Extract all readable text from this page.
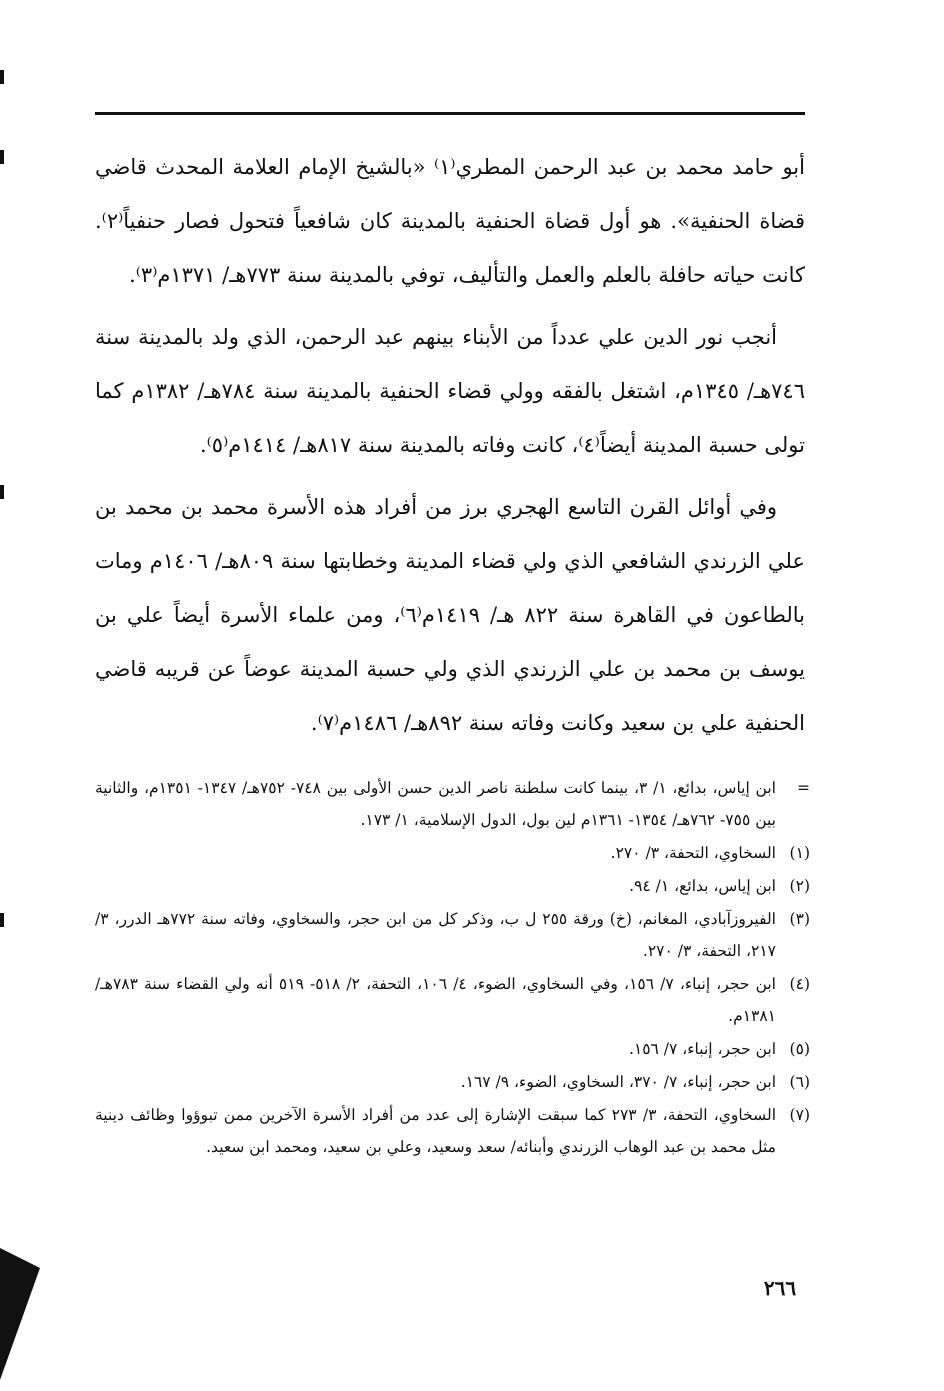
أبو حامد محمد بن عبد الرحمن المطري⁽١⁾ «بالشيخ الإمام العلامة المحدث قاضي قضاة الحنفية». هو أول قضاة الحنفية بالمدينة كان شافعياً فتحول فصار حنفياً⁽٢⁾. كانت حياته حافلة بالعلم والعمل والتأليف، توفي بالمدينة سنة ٧٧٣هـ/ ١٣٧١م⁽٣⁾.

أنجب نور الدين علي عدداً من الأبناء بينهم عبد الرحمن، الذي ولد بالمدينة سنة ٧٤٦هـ/ ١٣٤٥م، اشتغل بالفقه وولي قضاء الحنفية بالمدينة سنة ٧٨٤هـ/ ١٣٨٢م كما تولى حسبة المدينة أيضاً⁽٤⁾، كانت وفاته بالمدينة سنة ٨١٧هـ/ ١٤١٤م⁽٥⁾.

وفي أوائل القرن التاسع الهجري برز من أفراد هذه الأسرة محمد بن محمد بن علي الزرندي الشافعي الذي ولي قضاء المدينة وخطابتها سنة ٨٠٩هـ/ ١٤٠٦م ومات بالطاعون في القاهرة سنة ٨٢٢ هـ/ ١٤١٩م⁽٦⁾، ومن علماء الأسرة أيضاً علي بن يوسف بن محمد بن علي الزرندي الذي ولي حسبة المدينة عوضاً عن قريبه قاضي الحنفية علي بن سعيد وكانت وفاته سنة ٨٩٢هـ/ ١٤٨٦م⁽٧⁾.

=
ابن إياس، بدائع، ١/ ٣، بينما كانت سلطنة ناصر الدين حسن الأولى بين ٧٤٨- ٧٥٢هـ/ ١٣٤٧- ١٣٥١م، والثانية بين ٧٥٥- ٧٦٢هـ/ ١٣٥٤- ١٣٦١م لين بول، الدول الإسلامية، ١/ ١٧٣.
(١)
السخاوي، التحفة، ٣/ ٢٧٠.
(٢)
ابن إياس، بدائع، ١/ ٩٤.
(٣)
الفيروزآبادي، المغانم، (خ) ورقة ٢٥٥ ل ب، وذكر كل من ابن حجر، والسخاوي، وفاته سنة ٧٧٢هـ الدرر، ٣/ ٢١٧، التحفة، ٣/ ٢٧٠.
(٤)
ابن حجر، إنباء، ٧/ ١٥٦، وفي السخاوي، الضوء، ٤/ ١٠٦، التحفة، ٢/ ٥١٨- ٥١٩ أنه ولي القضاء سنة ٧٨٣هـ/ ١٣٨١م.
(٥)
ابن حجر، إنباء، ٧/ ١٥٦.
(٦)
ابن حجر، إنباء، ٧/ ٣٧٠، السخاوي، الضوء، ٩/ ١٦٧.
(٧)
السخاوي، التحفة، ٣/ ٢٧٣ كما سبقت الإشارة إلى عدد من أفراد الأسرة الآخرين ممن تبوؤوا وظائف دينية مثل محمد بن عبد الوهاب الزرندي وأبنائه/ سعد وسعيد، وعلي بن سعيد، ومحمد ابن سعيد.
٢٦٦
